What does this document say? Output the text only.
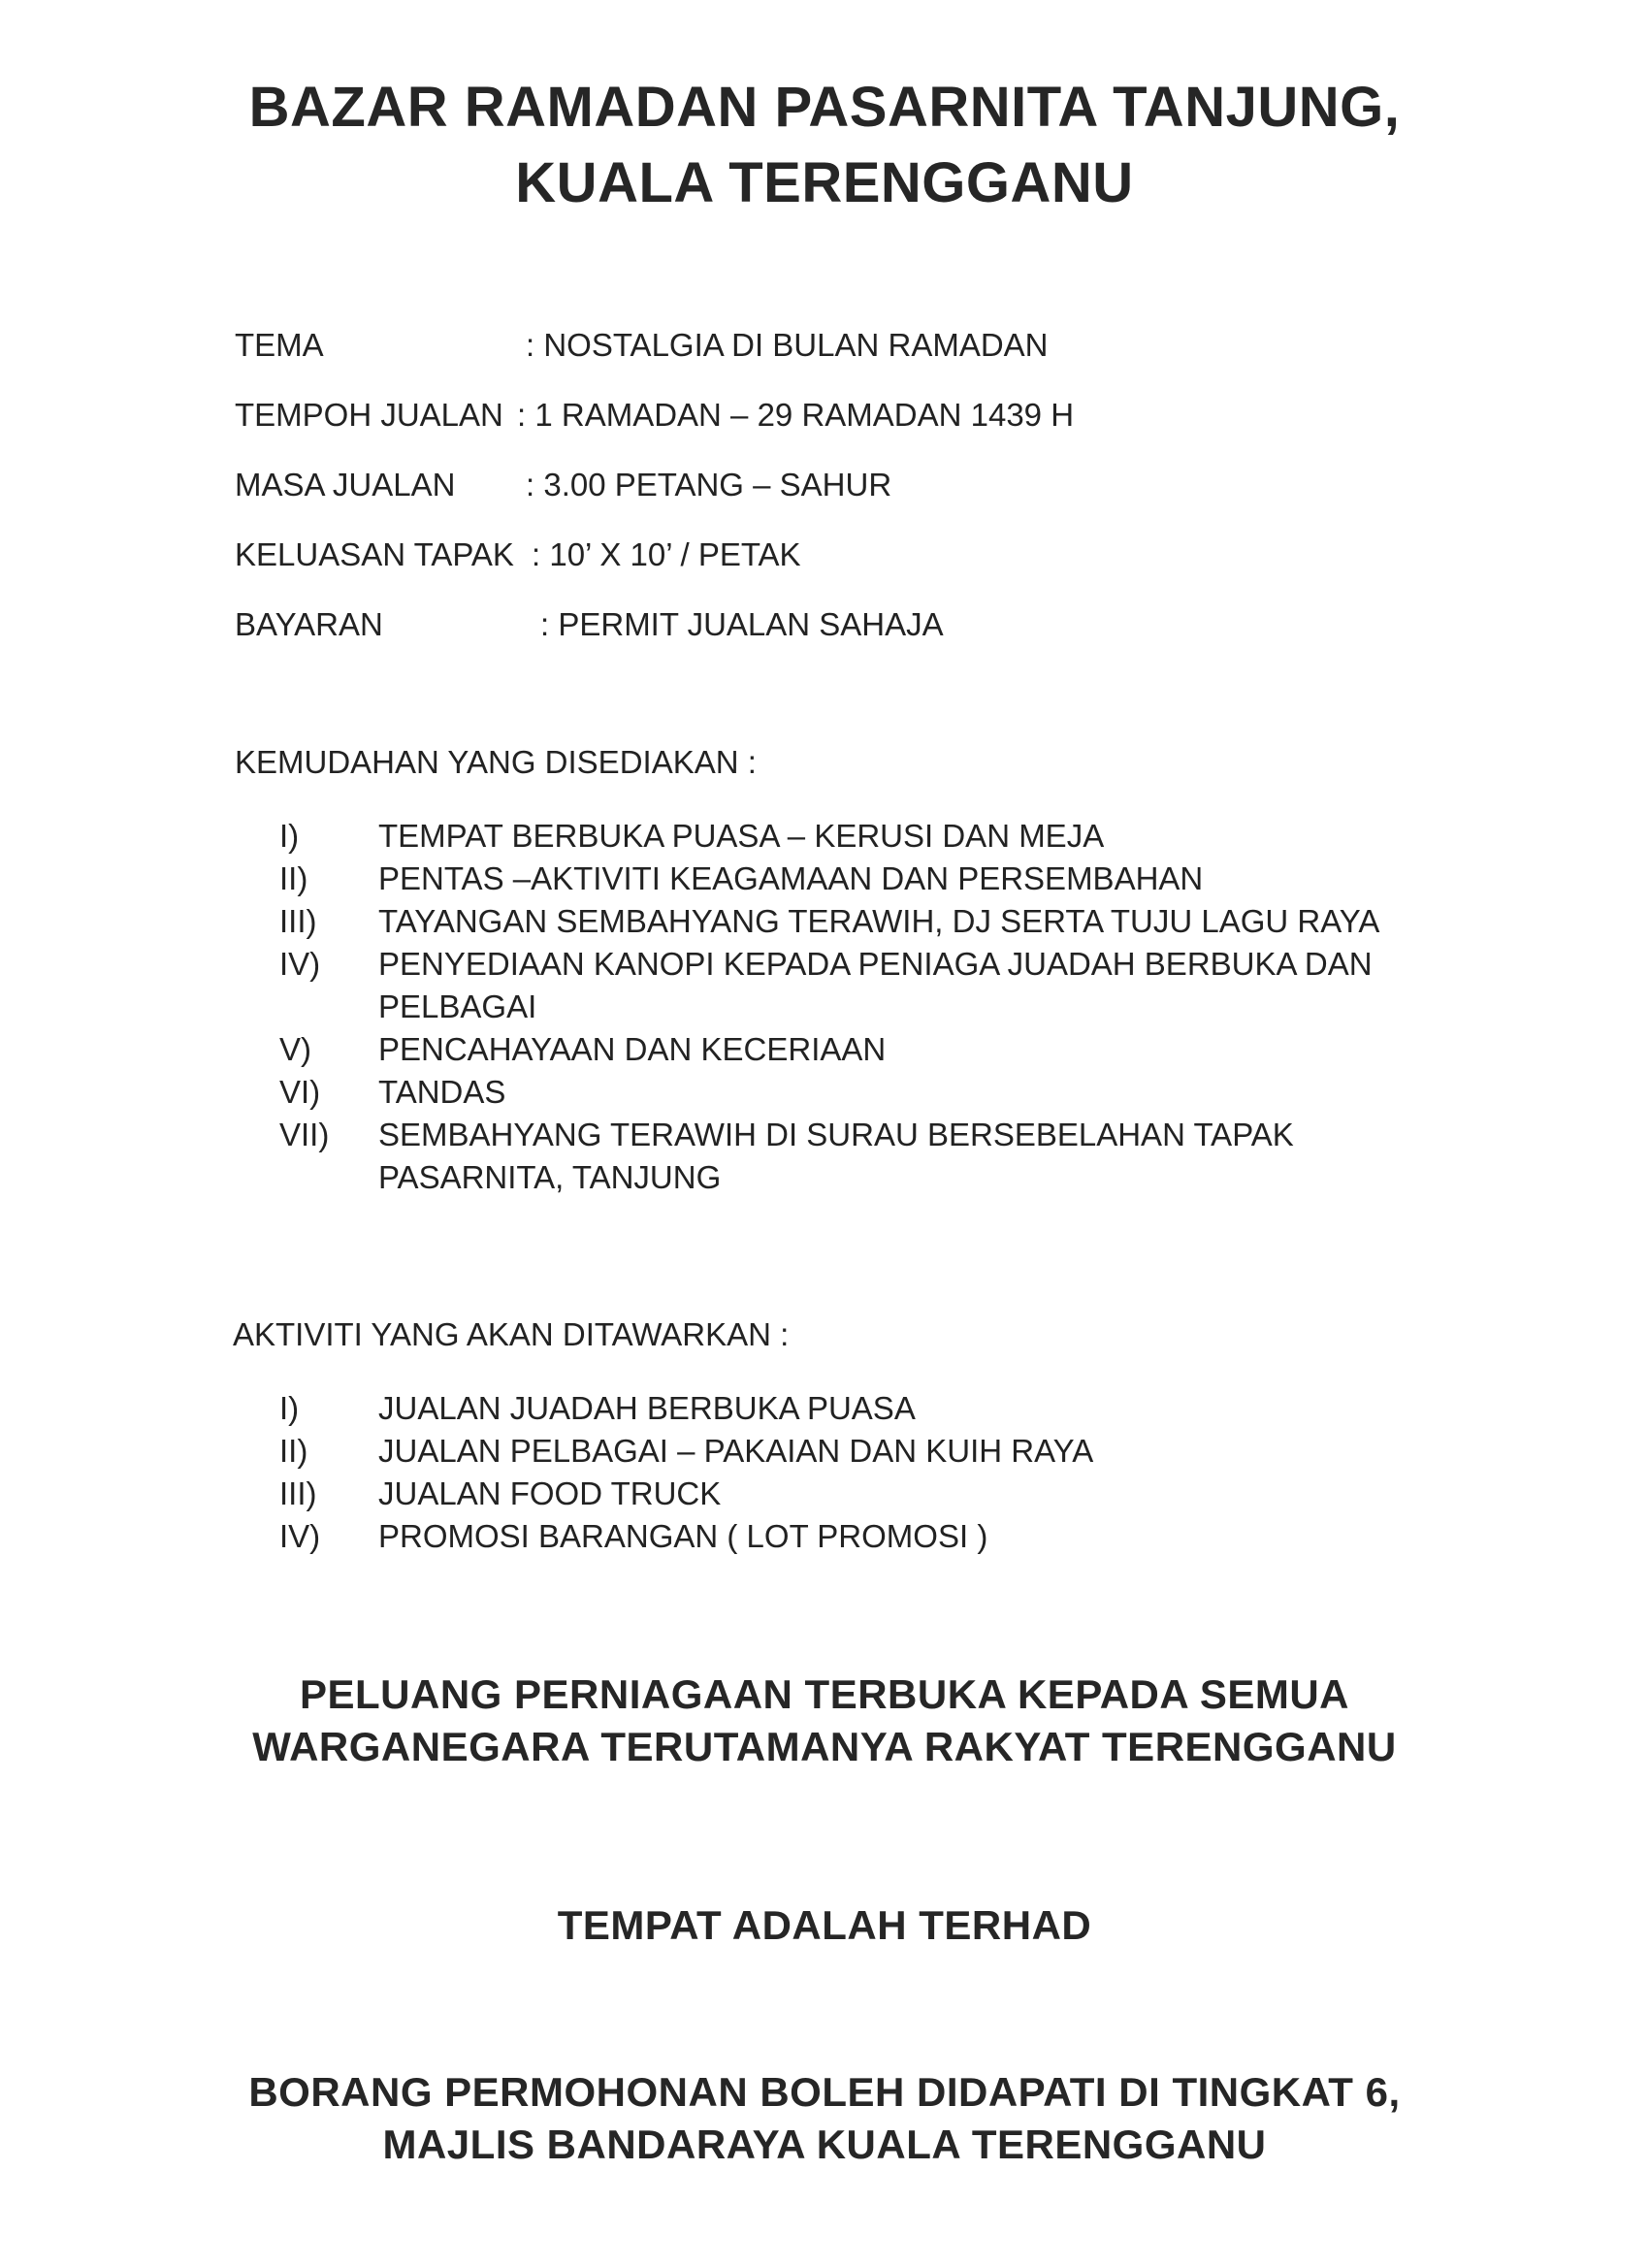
BAZAR RAMADAN PASARNITA TANJUNG,
KUALA TERENGGANU
TEMA	: NOSTALGIA DI BULAN RAMADAN
TEMPOH JUALAN : 1 RAMADAN – 29 RAMADAN 1439 H
MASA JUALAN : 3.00 PETANG – SAHUR
KELUASAN TAPAK : 10’ X 10’ / PETAK
BAYARAN	: PERMIT JUALAN SAHAJA
KEMUDAHAN YANG DISEDIAKAN :
I)	TEMPAT BERBUKA PUASA – KERUSI DAN MEJA
II)	PENTAS –AKTIVITI KEAGAMAAN DAN PERSEMBAHAN
III)	TAYANGAN SEMBAHYANG TERAWIH, DJ SERTA TUJU LAGU RAYA
IV)	PENYEDIAAN KANOPI KEPADA PENIAGA JUADAH BERBUKA DAN PELBAGAI
V)	PENCAHAYAAN DAN KECERIAAN
VI)	TANDAS
VII)	SEMBAHYANG TERAWIH DI SURAU BERSEBELAHAN TAPAK PASARNITA, TANJUNG
AKTIVITI YANG AKAN DITAWARKAN :
I)	JUALAN JUADAH BERBUKA PUASA
II)	JUALAN PELBAGAI – PAKAIAN DAN KUIH RAYA
III)	JUALAN FOOD TRUCK
IV)	PROMOSI BARANGAN ( LOT PROMOSI )
PELUANG PERNIAGAAN TERBUKA KEPADA SEMUA
WARGANEGARA TERUTAMANYA RAKYAT TERENGGANU
TEMPAT ADALAH TERHAD
BORANG PERMOHONAN BOLEH DIDAPATI DI TINGKAT 6,
MAJLIS BANDARAYA KUALA TERENGGANU
